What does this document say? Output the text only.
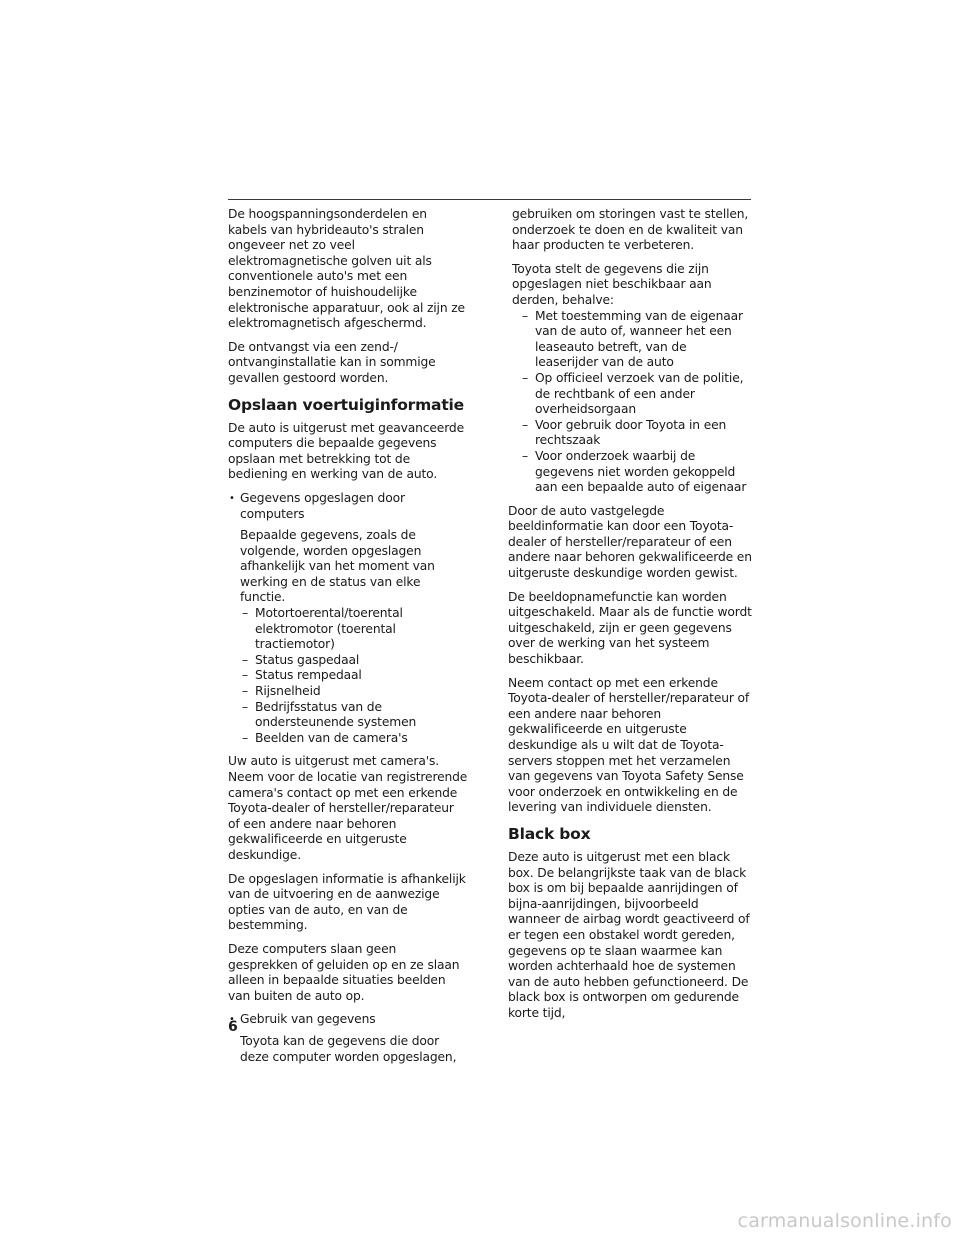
De hoogspanningsonderdelen en kabels van hybrideauto's stralen ongeveer net zo veel elektromagnetische golven uit als conventionele auto's met een benzinemotor of huishoudelijke elektronische apparatuur, ook al zijn ze elektromagnetisch afgeschermd.

De ontvangst via een zend-/ ontvanginstallatie kan in sommige gevallen gestoord worden.

Opslaan voertuiginformatie

De auto is uitgerust met geavanceerde computers die bepaalde gegevens opslaan met betrekking tot de bediening en werking van de auto.

• Gegevens opgeslagen door computers

Bepaalde gegevens, zoals de volgende, worden opgeslagen afhankelijk van het moment van werking en de status van elke functie.

– Motortoerental/toerental elektromotor (toerental tractiemotor)
– Status gaspedaal
– Status rempedaal
– Rijsnelheid
– Bedrijfsstatus van de ondersteunende systemen
– Beelden van de camera's

Uw auto is uitgerust met camera's. Neem voor de locatie van registrerende camera's contact op met een erkende Toyota-dealer of hersteller/reparateur of een andere naar behoren gekwalificeerde en uitgeruste deskundige.

De opgeslagen informatie is afhankelijk van de uitvoering en de aanwezige opties van de auto, en van de bestemming.

Deze computers slaan geen gesprekken of geluiden op en ze slaan alleen in bepaalde situaties beelden van buiten de auto op.

• Gebruik van gegevens

Toyota kan de gegevens die door deze computer worden opgeslagen,

gebruiken om storingen vast te stellen, onderzoek te doen en de kwaliteit van haar producten te verbeteren.

Toyota stelt de gegevens die zijn opgeslagen niet beschikbaar aan derden, behalve:

– Met toestemming van de eigenaar van de auto of, wanneer het een leaseauto betreft, van de leaserijder van de auto
– Op officieel verzoek van de politie, de rechtbank of een ander overheidsorgaan
– Voor gebruik door Toyota in een rechtszaak
– Voor onderzoek waarbij de gegevens niet worden gekoppeld aan een bepaalde auto of eigenaar

Door de auto vastgelegde beeldinformatie kan door een Toyota-dealer of hersteller/reparateur of een andere naar behoren gekwalificeerde en uitgeruste deskundige worden gewist.

De beeldopnamefunctie kan worden uitgeschakeld. Maar als de functie wordt uitgeschakeld, zijn er geen gegevens over de werking van het systeem beschikbaar.

Neem contact op met een erkende Toyota-dealer of hersteller/reparateur of een andere naar behoren gekwalificeerde en uitgeruste deskundige als u wilt dat de Toyota-servers stoppen met het verzamelen van gegevens van Toyota Safety Sense voor onderzoek en ontwikkeling en de levering van individuele diensten.

Black box

Deze auto is uitgerust met een black box. De belangrijkste taak van de black box is om bij bepaalde aanrijdingen of bijna-aanrijdingen, bijvoorbeeld wanneer de airbag wordt geactiveerd of er tegen een obstakel wordt gereden, gegevens op te slaan waarmee kan worden achterhaald hoe de systemen van de auto hebben gefunctioneerd. De black box is ontworpen om gedurende korte tijd,

6
carmanualsonline.info
